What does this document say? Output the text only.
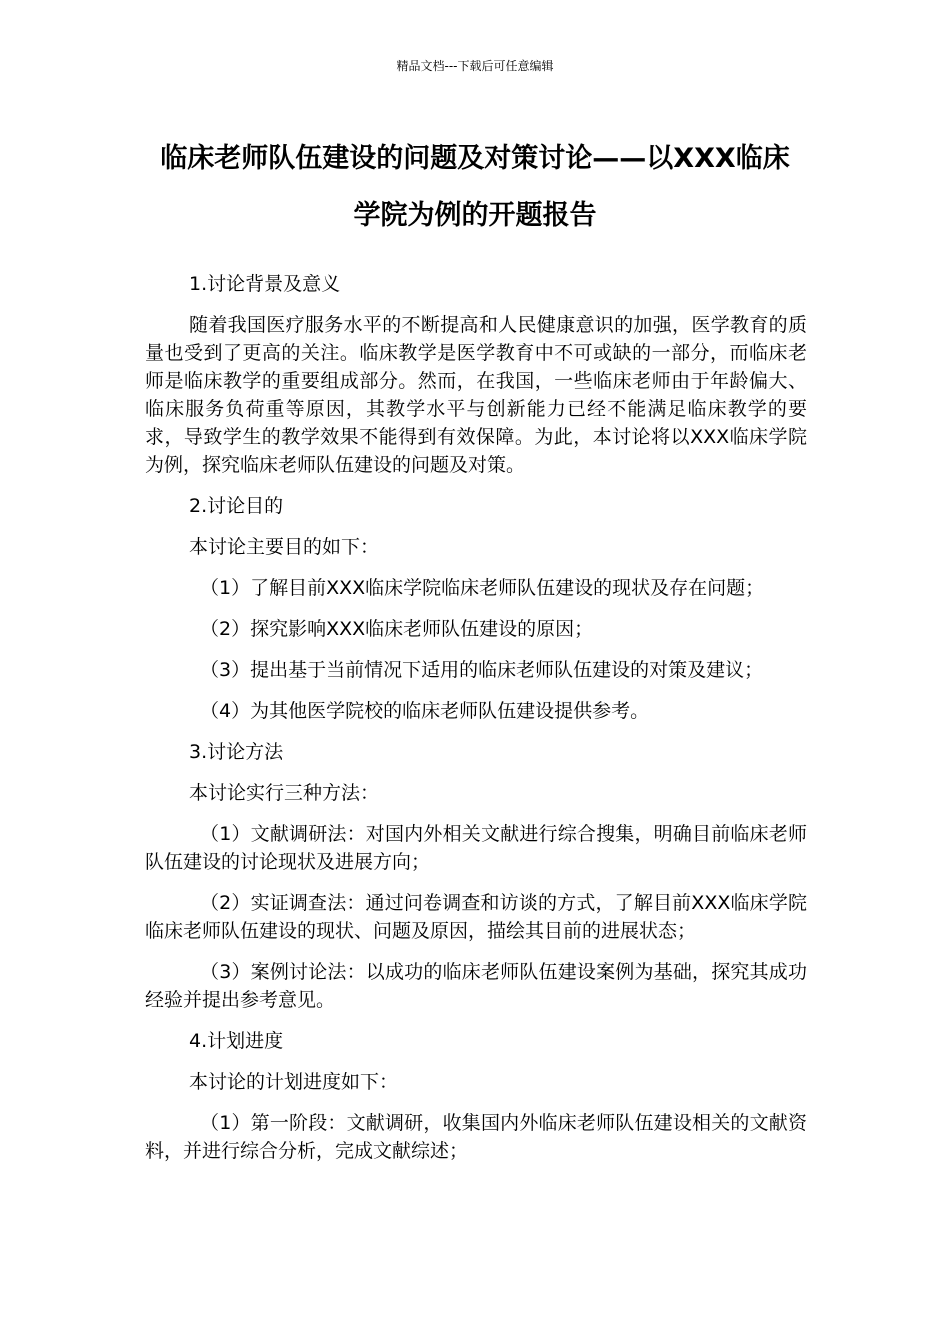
精品文档---下载后可任意编辑
临床老师队伍建设的问题及对策讨论——以XXX临床学院为例的开题报告

1.讨论背景及意义

随着我国医疗服务水平的不断提高和人民健康意识的加强，医学教育的质量也受到了更高的关注。临床教学是医学教育中不可或缺的一部分，而临床老师是临床教学的重要组成部分。然而，在我国，一些临床老师由于年龄偏大、临床服务负荷重等原因，其教学水平与创新能力已经不能满足临床教学的要求，导致学生的教学效果不能得到有效保障。为此，本讨论将以XXX临床学院为例，探究临床老师队伍建设的问题及对策。

2.讨论目的

本讨论主要目的如下：

（1）了解目前XXX临床学院临床老师队伍建设的现状及存在问题；

（2）探究影响XXX临床老师队伍建设的原因；

（3）提出基于当前情况下适用的临床老师队伍建设的对策及建议；

（4）为其他医学院校的临床老师队伍建设提供参考。

3.讨论方法

本讨论实行三种方法：

（1）文献调研法：对国内外相关文献进行综合搜集，明确目前临床老师队伍建设的讨论现状及进展方向；

（2）实证调查法：通过问卷调查和访谈的方式，了解目前XXX临床学院临床老师队伍建设的现状、问题及原因，描绘其目前的进展状态；

（3）案例讨论法：以成功的临床老师队伍建设案例为基础，探究其成功经验并提出参考意见。

4.计划进度

本讨论的计划进度如下：

（1）第一阶段：文献调研，收集国内外临床老师队伍建设相关的文献资料，并进行综合分析，完成文献综述；
